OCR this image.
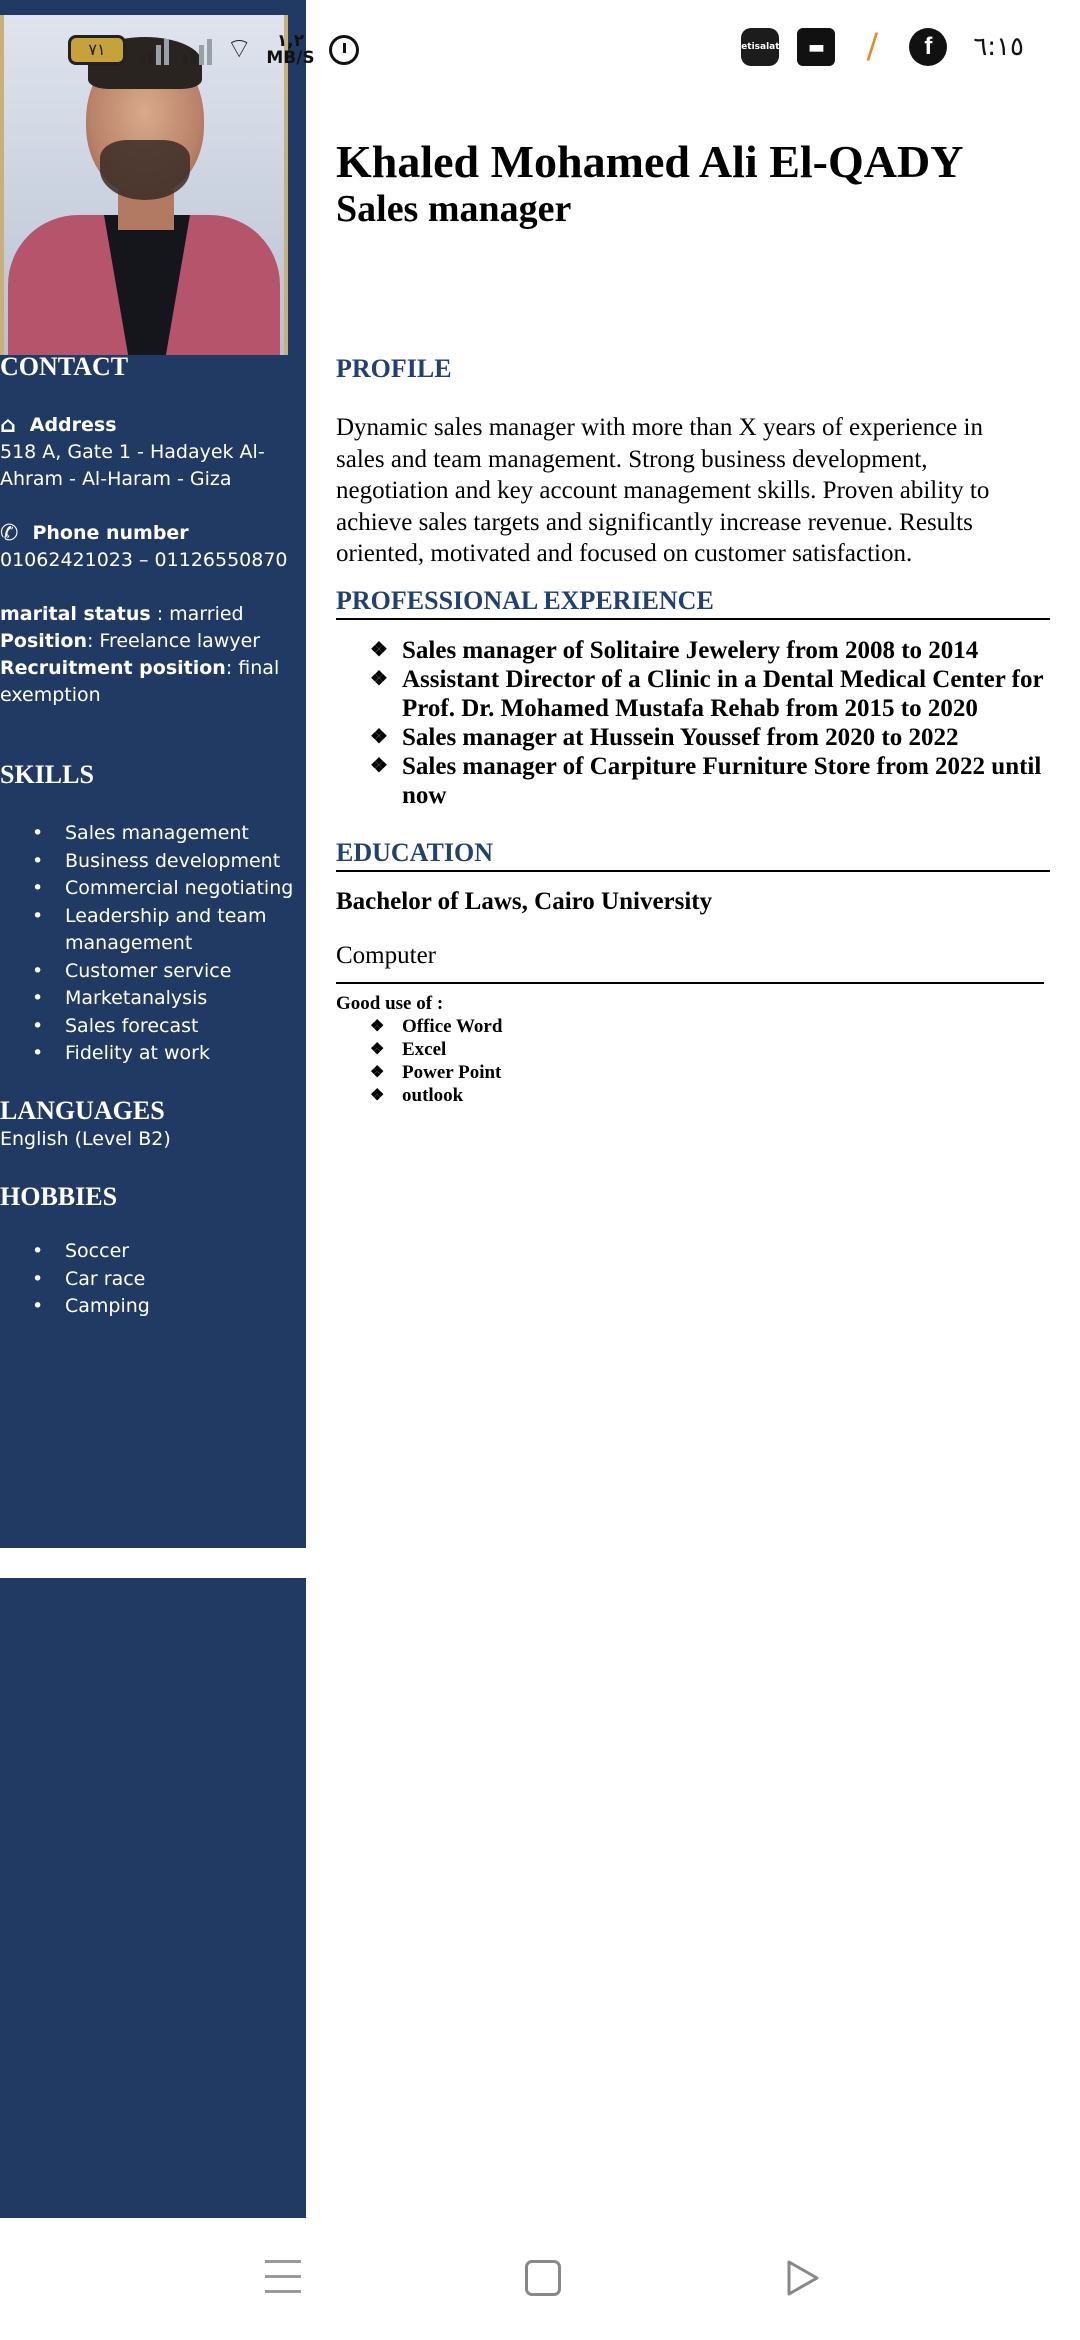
٧١	⌔	١,٢
MB/S
etisalat	▬	⧸	f	٦:١٥
CONTACT
⌂ Address
518 A, Gate 1 - Hadayek Al-Ahram - Al-Haram - Giza
✆ Phone number
01062421023 – 01126550870
marital status : married
Position: Freelance lawyer
Recruitment position: final exemption
SKILLS
• Sales management
• Business development
• Commercial negotiating
• Leadership and team management
• Customer service
• Marketanalysis
• Sales forecast
• Fidelity at work
LANGUAGES
English (Level B2)
HOBBIES
• Soccer
• Car race
• Camping
Khaled Mohamed Ali El-QADY
Sales manager
PROFILE
Dynamic sales manager with more than X years of experience in sales and team management. Strong business development, negotiation and key account management skills. Proven ability to achieve sales targets and significantly increase revenue. Results oriented, motivated and focused on customer satisfaction.
PROFESSIONAL EXPERIENCE
❖ Sales manager of Solitaire Jewelery from 2008 to 2014
❖ Assistant Director of a Clinic in a Dental Medical Center for Prof. Dr. Mohamed Mustafa Rehab from 2015 to 2020
❖ Sales manager at Hussein Youssef from 2020 to 2022
❖ Sales manager of Carpiture Furniture Store from 2022 until now
EDUCATION
Bachelor of Laws, Cairo University
Computer
Good use of :
❖ Office Word
❖ Excel
❖ Power Point
❖ outlook
